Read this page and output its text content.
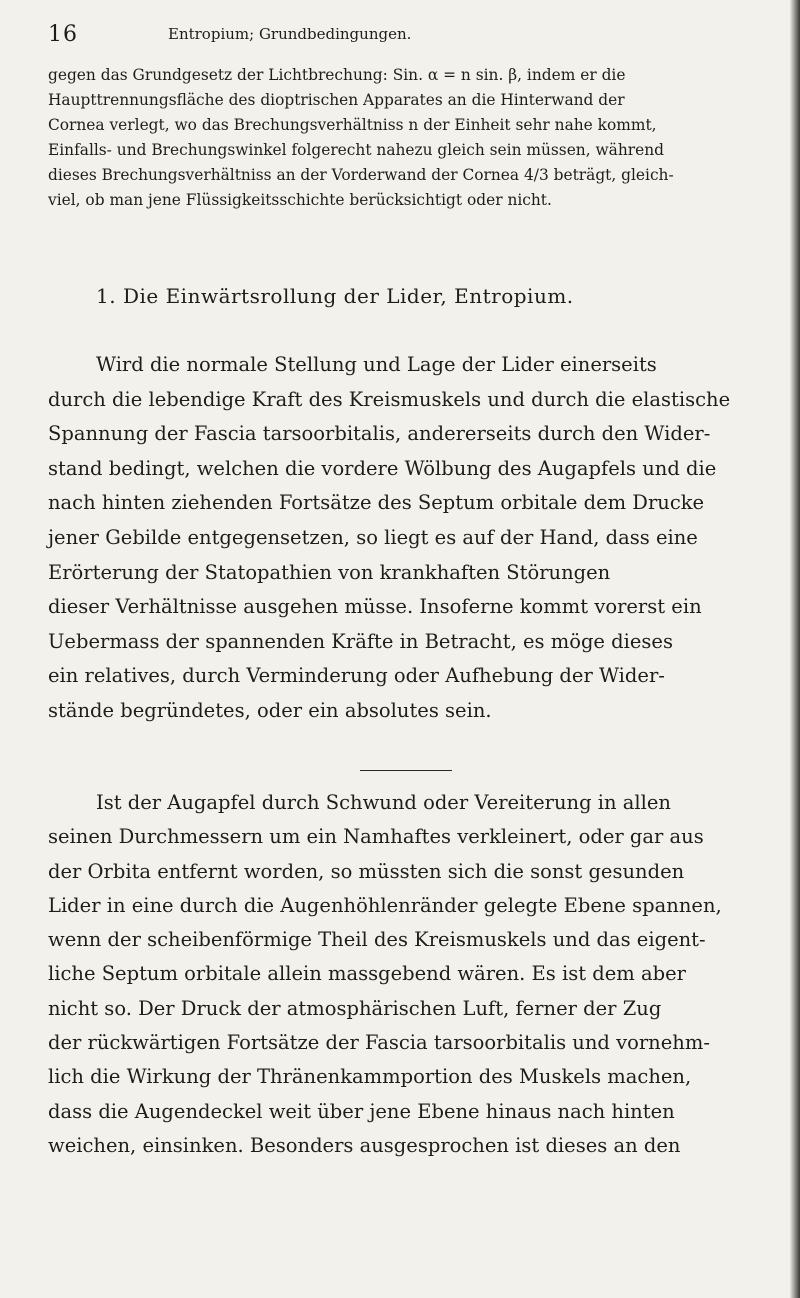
16	Entropium; Grundbedingungen.

gegen das Grundgesetz der Lichtbrechung: Sin. α = n sin. β, indem er die
Haupttrennungsfläche des dioptrischen Apparates an die Hinterwand der
Cornea verlegt, wo das Brechungsverhältniss n der Einheit sehr nahe kommt,
Einfalls- und Brechungswinkel folgerecht nahezu gleich sein müssen, während
dieses Brechungsverhältniss an der Vorderwand der Cornea 4/3 beträgt, gleich-
viel, ob man jene Flüssigkeitsschichte berücksichtigt oder nicht.

1. Die Einwärtsrollung der Lider, Entropium.

Wird die normale Stellung und Lage der Lider einerseits
durch die lebendige Kraft des Kreismuskels und durch die elastische
Spannung der Fascia tarsoorbitalis, andererseits durch den Wider-
stand bedingt, welchen die vordere Wölbung des Augapfels und die
nach hinten ziehenden Fortsätze des Septum orbitale dem Drucke
jener Gebilde entgegensetzen, so liegt es auf der Hand, dass eine
Erörterung der Statopathien von krankhaften Störungen
dieser Verhältnisse ausgehen müsse. Insoferne kommt vorerst ein
Uebermass der spannenden Kräfte in Betracht, es möge dieses
ein relatives, durch Verminderung oder Aufhebung der Wider-
stände begründetes, oder ein absolutes sein.

Ist der Augapfel durch Schwund oder Vereiterung in allen
seinen Durchmessern um ein Namhaftes verkleinert, oder gar aus
der Orbita entfernt worden, so müssten sich die sonst gesunden
Lider in eine durch die Augenhöhlenränder gelegte Ebene spannen,
wenn der scheibenförmige Theil des Kreismuskels und das eigent-
liche Septum orbitale allein massgebend wären. Es ist dem aber
nicht so. Der Druck der atmosphärischen Luft, ferner der Zug
der rückwärtigen Fortsätze der Fascia tarsoorbitalis und vornehm-
lich die Wirkung der Thränenkammportion des Muskels machen,
dass die Augendeckel weit über jene Ebene hinaus nach hinten
weichen, einsinken. Besonders ausgesprochen ist dieses an den
